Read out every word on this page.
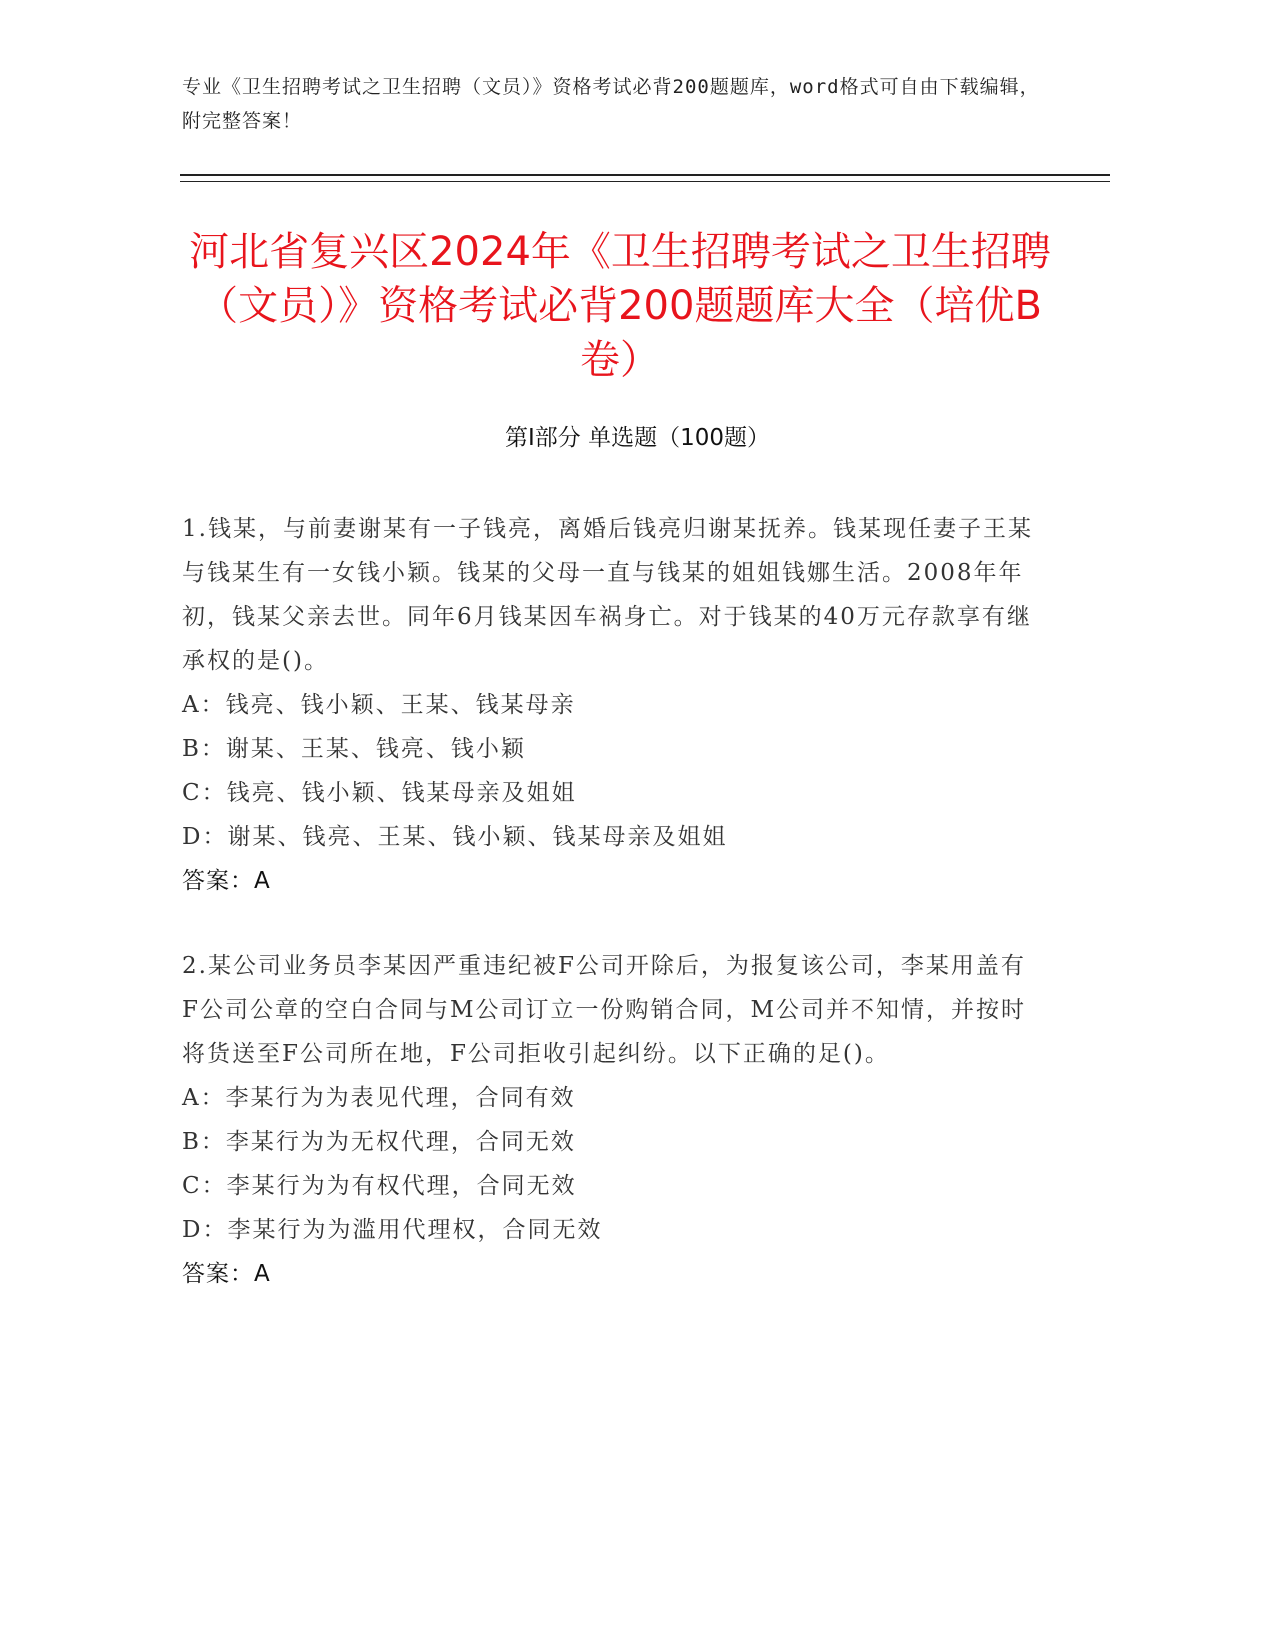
专业《卫生招聘考试之卫生招聘（文员）》资格考试必背200题题库，word格式可自由下载编辑，附完整答案！
河北省复兴区2024年《卫生招聘考试之卫生招聘（文员）》资格考试必背200题题库大全（培优B卷）
第Ⅰ部分 单选题（100题）

1.钱某，与前妻谢某有一子钱亮，离婚后钱亮归谢某抚养。钱某现任妻子王某与钱某生有一女钱小颖。钱某的父母一直与钱某的姐姐钱娜生活。2008年年初，钱某父亲去世。同年6月钱某因车祸身亡。对于钱某的40万元存款享有继承权的是()。

A：钱亮、钱小颖、王某、钱某母亲

B：谢某、王某、钱亮、钱小颖

C：钱亮、钱小颖、钱某母亲及姐姐

D：谢某、钱亮、王某、钱小颖、钱某母亲及姐姐

答案：A

2.某公司业务员李某因严重违纪被F公司开除后，为报复该公司，李某用盖有F公司公章的空白合同与M公司订立一份购销合同，M公司并不知情，并按时将货送至F公司所在地，F公司拒收引起纠纷。以下正确的足()。

A：李某行为为表见代理，合同有效

B：李某行为为无权代理，合同无效

C：李某行为为有权代理，合同无效

D：李某行为为滥用代理权，合同无效

答案：A
